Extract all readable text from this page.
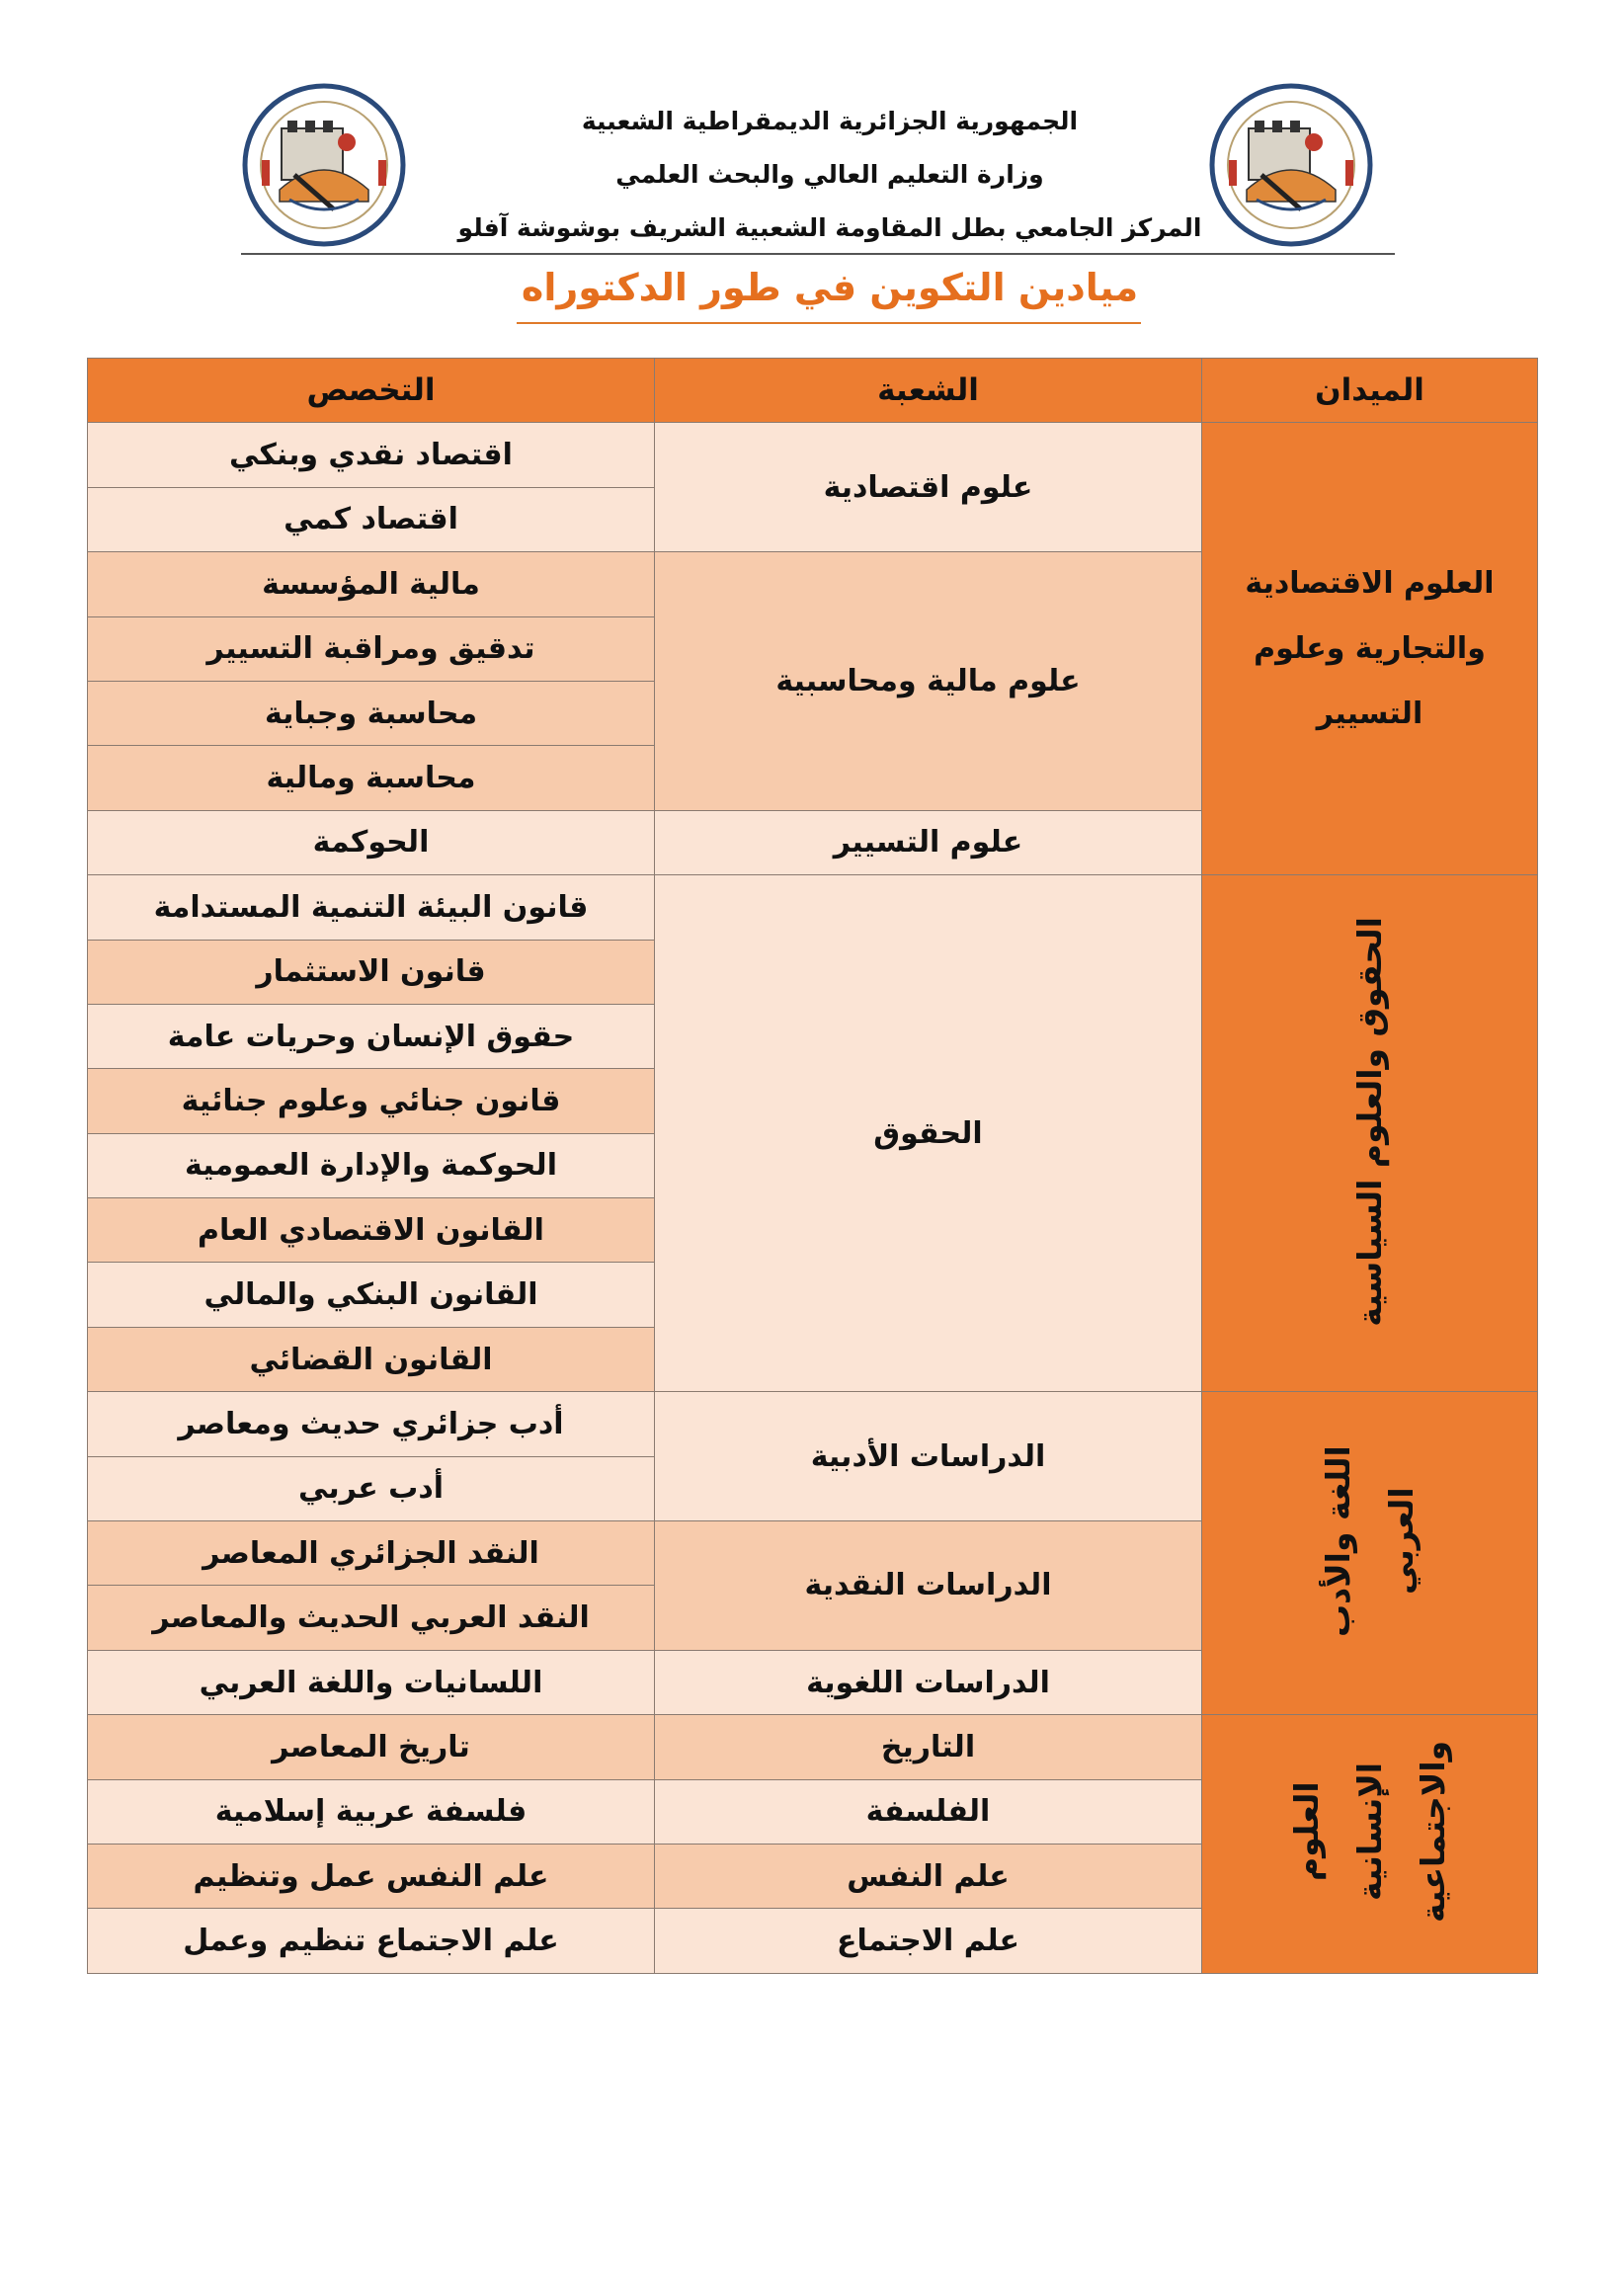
الجمهورية الجزائرية الديمقراطية الشعبية
وزارة التعليم العالي والبحث العلمي
المركز الجامعي بطل المقاومة الشعبية الشريف بوشوشة آفلو
ميادين التكوين في طور الدكتوراه
الميدان	الشعبة	التخصص
العلوم الاقتصادية والتجارية وعلوم التسيير	علوم اقتصادية	اقتصاد نقدي وبنكي
		اقتصاد كمي
	علوم مالية ومحاسبية	مالية المؤسسة
		تدقيق ومراقبة التسيير
		محاسبة وجباية
		محاسبة ومالية
	علوم التسيير	الحوكمة
الحقوق والعلوم السياسية	الحقوق	قانون البيئة التنمية المستدامة
		قانون الاستثمار
		حقوق الإنسان وحريات عامة
		قانون جنائي وعلوم جنائية
		الحوكمة والإدارة العمومية
		القانون الاقتصادي العام
		القانون البنكي والمالي
		القانون القضائي
اللغة والأدب العربي	الدراسات الأدبية	أدب جزائري حديث ومعاصر
		أدب عربي
	الدراسات النقدية	النقد الجزائري المعاصر
		النقد العربي الحديث والمعاصر
	الدراسات اللغوية	اللسانيات واللغة العربي
العلوم الإنسانية والاجتماعية	التاريخ	تاريخ المعاصر
	الفلسفة	فلسفة عربية إسلامية
	علم النفس	علم النفس عمل وتنظيم
	علم الاجتماع	علم الاجتماع تنظيم وعمل
